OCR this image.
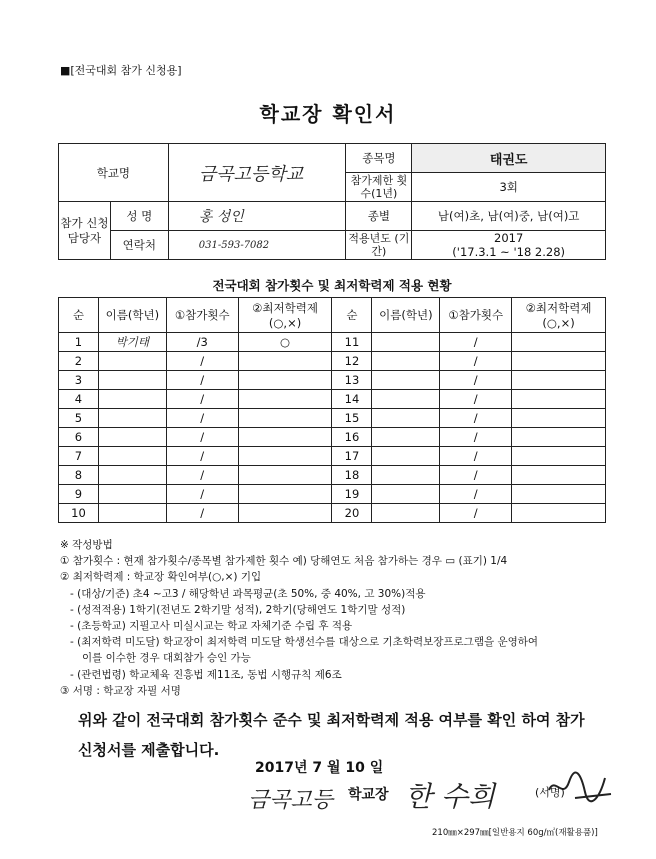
■[전국대회 참가 신청용]
학교장 확인서
학교명		금곡고등학교	종목명	태권도
			참가제한 횟수(1년)	3회
참가 신청 담당자	성 명	홍 성인	종별	남(여)초, 남(여)중, 남(여)고
	연락처	031-593-7082	적용년도 (기간)	2017
('17.3.1 ~ '18 2.28)
전국대회 참가횟수 및 최저학력제 적용 현황
순	이름(학년)	①참가횟수	②최저학력제 (○,×)	순	이름(학년)	①참가횟수	②최저학력제 (○,×)
1	박기태	/3	○	11		/	
2		/		12		/	
3		/		13		/	
4		/		14		/	
5		/		15		/	
6		/		16		/	
7		/		17		/	
8		/		18		/	
9		/		19		/	
10		/		20		/	
※ 작성방법
① 참가횟수 : 현재 참가횟수/종목별 참가제한 횟수 예) 당해연도 처음 참가하는 경우 ▭ (표기) 1/4
② 최저학력제 : 학교장 확인여부(○,×) 기입
- (대상/기준) 초4 ~고3 / 해당학년 과목평균(초 50%, 중 40%, 고 30%)적용
- (성적적용) 1학기(전년도 2학기말 성적), 2학기(당해연도 1학기말 성적)
- (초등학교) 지필고사 미실시교는 학교 자체기준 수립 후 적용
- (최저학력 미도달) 학교장이 최저학력 미도달 학생선수를 대상으로 기초학력보장프로그램을 운영하여
이를 이수한 경우 대회참가 승인 가능
- (관련법령) 학교체육 진흥법 제11조, 동법 시행규칙 제6조
③ 서명 : 학교장 자필 서명
위와 같이 전국대회 참가횟수 준수 및 최저학력제 적용 여부를 확인 하여 참가신청서를 제출합니다.
2017년 7 월 10 일
금곡고등 학교장 한 수희	(서명)
210㎜×297㎜[일반용지 60g/㎡(재활용품)]
